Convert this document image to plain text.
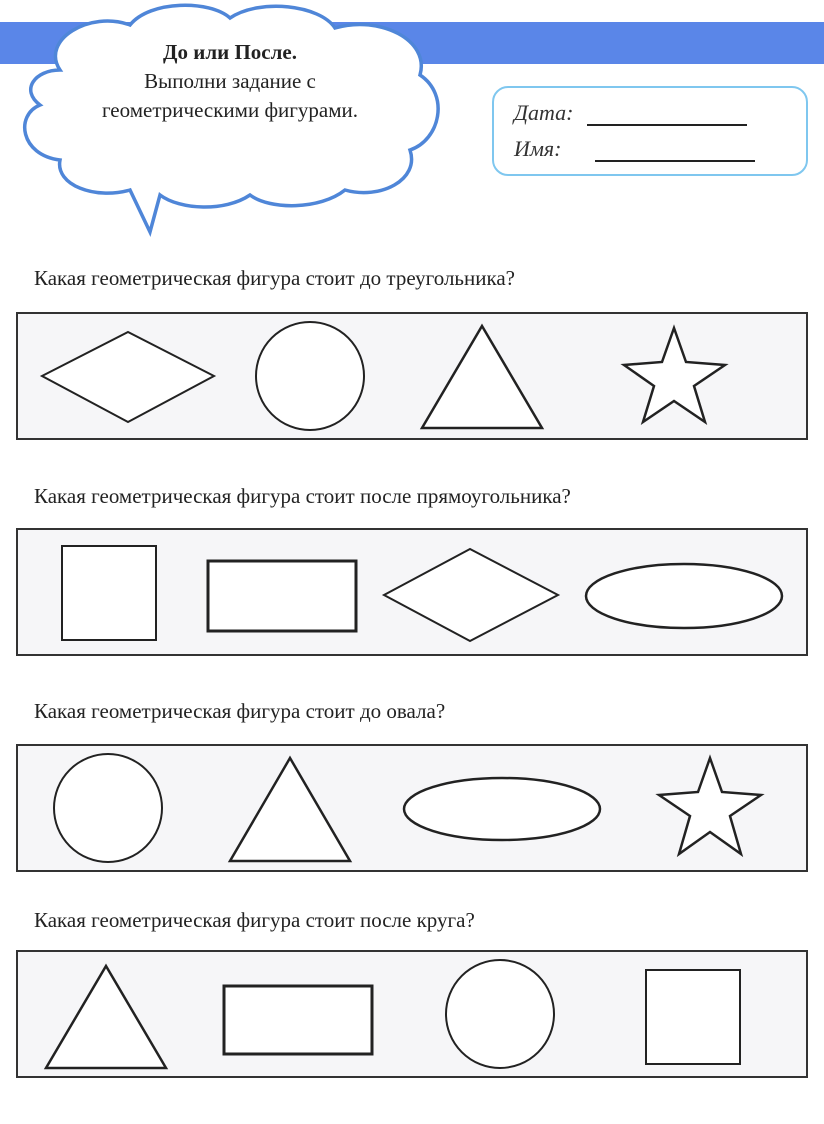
До или После.
Выполни задание с
геометрическими фигурами.	Дата:
Имя:
Какая геометрическая фигура стоит до треугольника?
Какая геометрическая фигура стоит после прямоугольника?
Какая геометрическая фигура стоит до овала?
Какая геометрическая фигура стоит после круга?
